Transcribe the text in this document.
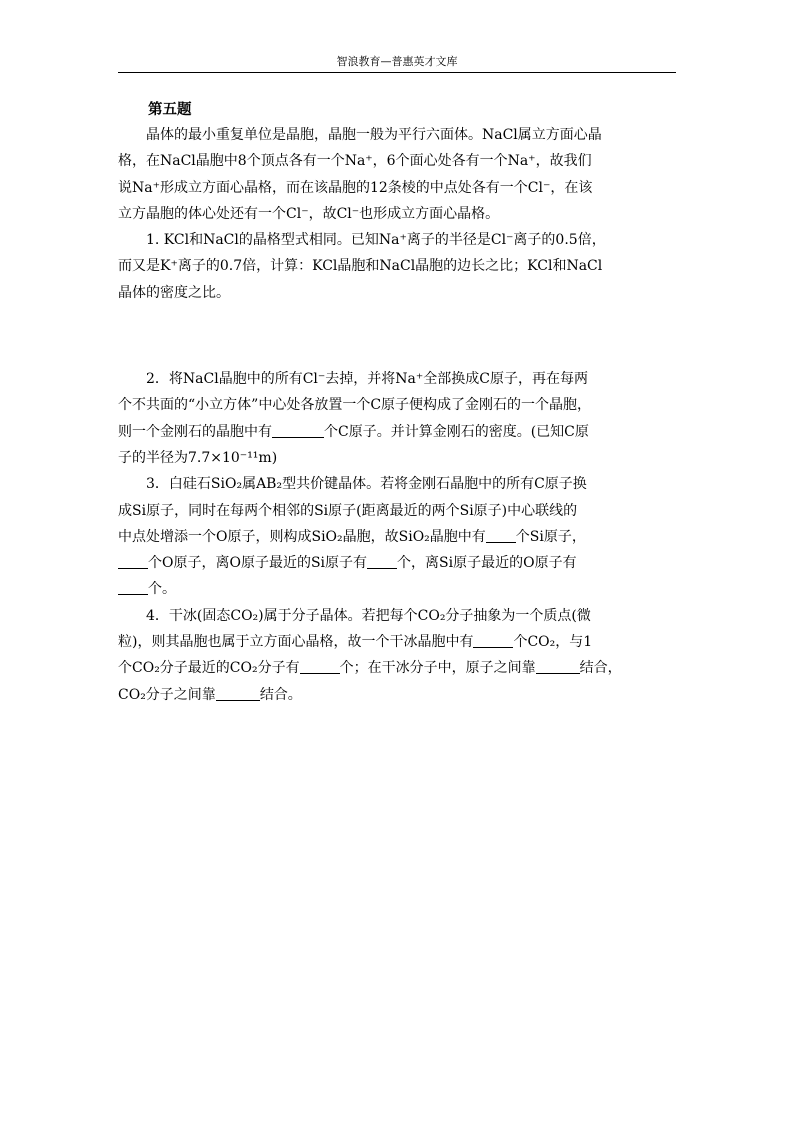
智浪教育—普惠英才文库

第五题

晶体的最小重复单位是晶胞，晶胞一般为平行六面体。NaCl属立方面心晶
格，在NaCl晶胞中8个顶点各有一个Na⁺，6个面心处各有一个Na⁺，故我们
说Na⁺形成立方面心晶格，而在该晶胞的12条棱的中点处各有一个Cl⁻，在该
立方晶胞的体心处还有一个Cl⁻，故Cl⁻也形成立方面心晶格。
1. KCl和NaCl的晶格型式相同。已知Na⁺离子的半径是Cl⁻离子的0.5倍，
而又是K⁺离子的0.7倍，计算：KCl晶胞和NaCl晶胞的边长之比；KCl和NaCl
晶体的密度之比。
2．将NaCl晶胞中的所有Cl⁻去掉，并将Na⁺全部换成C原子，再在每两
个不共面的“小立方体”中心处各放置一个C原子便构成了金刚石的一个晶胞，
则一个金刚石的晶胞中有	个C原子。并计算金刚石的密度。(已知C原
子的半径为7.7×10⁻¹¹m)
3．白硅石SiO₂属AB₂型共价键晶体。若将金刚石晶胞中的所有C原子换
成Si原子，同时在每两个相邻的Si原子(距离最近的两个Si原子)中心联线的
中点处增添一个O原子，则构成SiO₂晶胞，故SiO₂晶胞中有 个Si原子，
个O原子，离O原子最近的Si原子有 个，离Si原子最近的O原子有
个。
4．干冰(固态CO₂)属于分子晶体。若把每个CO₂分子抽象为一个质点(微
粒)，则其晶胞也属于立方面心晶格，故一个干冰晶胞中有	个CO₂，与1
个CO₂分子最近的CO₂分子有	个；在干冰分子中，原子之间靠	结合，
CO₂分子之间靠	结合。
